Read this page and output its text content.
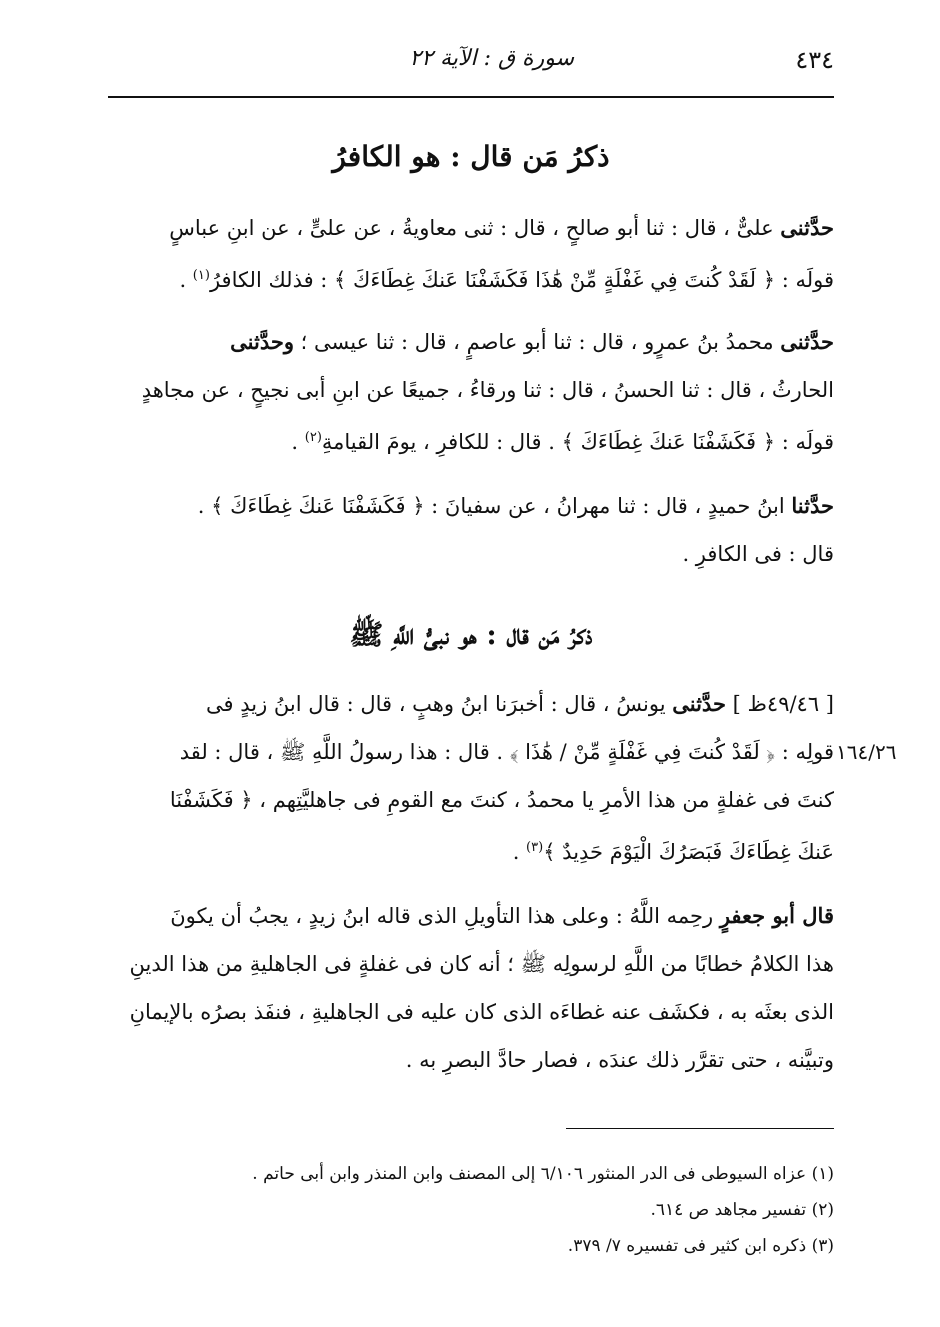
٤٣٤
سورة ق : الآية ٢٢
ذكرُ مَن قال : هو الكافرُ

حدَّثنى علىٌّ ، قال : ثنا أبو صالحٍ ، قال : ثنى معاويةُ ، عن علىٍّ ، عن ابنِ عباسٍ

قولَه : ﴿ لَقَدْ كُنتَ فِي غَفْلَةٍ مِّنْ هَٰذَا فَكَشَفْنَا عَنكَ غِطَاءَكَ ﴾ : فذلك الكافرُ$^{(١)}$ .

حدَّثنى محمدُ بنُ عمرٍو ، قال : ثنا أبو عاصمٍ ، قال : ثنا عيسى ؛ وحدَّثنى

الحارثُ ، قال : ثنا الحسنُ ، قال : ثنا ورقاءُ ، جميعًا عن ابنِ أبى نجيحٍ ، عن مجاهدٍ

قولَه : ﴿ فَكَشَفْنَا عَنكَ غِطَاءَكَ ﴾ . قال : للكافرِ ، يومَ القيامةِ$^{(٢)}$ .

حدَّثنا ابنُ حميدٍ ، قال : ثنا مهرانُ ، عن سفيانَ : ﴿ فَكَشَفْنَا عَنكَ غِطَاءَكَ ﴾ .

قال : فى الكافرِ .

ذكرُ مَن قال : هو نبىُّ اللَّهِ ﷺ

[ ٤٩/٤٦ظ ] حدَّثنى يونسُ ، قال : أخبرَنا ابنُ وهبٍ ، قال : قال ابنُ زيدٍ فى

قولِه : ﴿ لَقَدْ كُنتَ فِي غَفْلَةٍ مِّنْ / هَٰذَا ﴾ . قال : هذا رسولُ اللَّهِ ﷺ ، قال : لقد

كنتَ فى غفلةٍ من هذا الأمرِ يا محمدُ ، كنتَ مع القومِ فى جاهليَّتِهم ، ﴿ فَكَشَفْنَا

عَنكَ غِطَاءَكَ فَبَصَرُكَ الْيَوْمَ حَدِيدٌ ﴾$^{(٣)}$ .

١٦٤/٢٦

قال أبو جعفرٍ رحِمه اللَّهُ : وعلى هذا التأويلِ الذى قاله ابنُ زيدٍ ، يجبُ أن يكونَ

هذا الكلامُ خطابًا من اللَّهِ لرسولِه ﷺ ؛ أنه كان فى غفلةٍ فى الجاهليةِ من هذا الدينِ

الذى بعثَه به ، فكشَف عنه غطاءَه الذى كان عليه فى الجاهليةِ ، فنفَذ بصرُه بالإيمانِ

وتبيَّنه ، حتى تقرَّر ذلك عندَه ، فصار حادَّ البصرِ به .

(١) عزاه السيوطى فى الدر المنثور ٦/١٠٦ إلى المصنف وابن المنذر وابن أبى حاتم .
(٢) تفسير مجاهد ص ٦١٤.
(٣) ذكره ابن كثير فى تفسيره ٧/ ٣٧٩.
